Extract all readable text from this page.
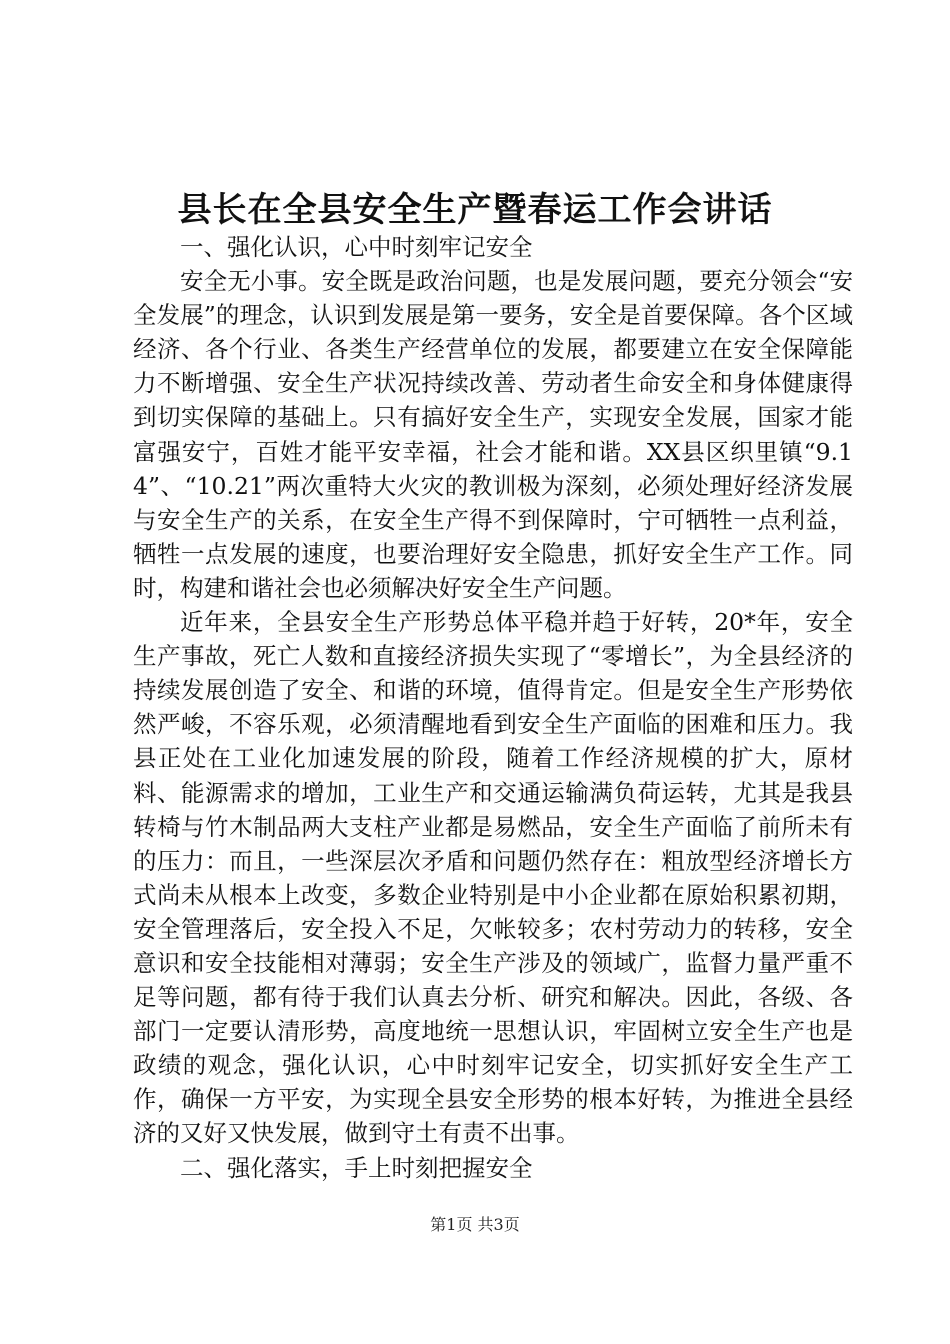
县长在全县安全生产暨春运工作会讲话

一、强化认识，心中时刻牢记安全

安全无小事。安全既是政治问题，也是发展问题，要充分领会“安全发展”的理念，认识到发展是第一要务，安全是首要保障。各个区域经济、各个行业、各类生产经营单位的发展，都要建立在安全保障能力不断增强、安全生产状况持续改善、劳动者生命安全和身体健康得到切实保障的基础上。只有搞好安全生产，实现安全发展，国家才能富强安宁，百姓才能平安幸福，社会才能和谐。XX县区织里镇“9.14”、“10.21”两次重特大火灾的教训极为深刻，必须处理好经济发展与安全生产的关系，在安全生产得不到保障时，宁可牺牲一点利益，牺牲一点发展的速度，也要治理好安全隐患，抓好安全生产工作。同时，构建和谐社会也必须解决好安全生产问题。

近年来，全县安全生产形势总体平稳并趋于好转，20*年，安全生产事故，死亡人数和直接经济损失实现了“零增长”，为全县经济的持续发展创造了安全、和谐的环境，值得肯定。但是安全生产形势依然严峻，不容乐观，必须清醒地看到安全生产面临的困难和压力。我县正处在工业化加速发展的阶段，随着工作经济规模的扩大，原材料、能源需求的增加，工业生产和交通运输满负荷运转，尤其是我县转椅与竹木制品两大支柱产业都是易燃品，安全生产面临了前所未有的压力：而且，一些深层次矛盾和问题仍然存在：粗放型经济增长方式尚未从根本上改变，多数企业特别是中小企业都在原始积累初期，安全管理落后，安全投入不足，欠帐较多；农村劳动力的转移，安全意识和安全技能相对薄弱；安全生产涉及的领域广，监督力量严重不足等问题，都有待于我们认真去分析、研究和解决。因此，各级、各部门一定要认清形势，高度地统一思想认识，牢固树立安全生产也是政绩的观念，强化认识，心中时刻牢记安全，切实抓好安全生产工作，确保一方平安，为实现全县安全形势的根本好转，为推进全县经济的又好又快发展，做到守土有责不出事。

二、强化落实，手上时刻把握安全

第1页 共3页
